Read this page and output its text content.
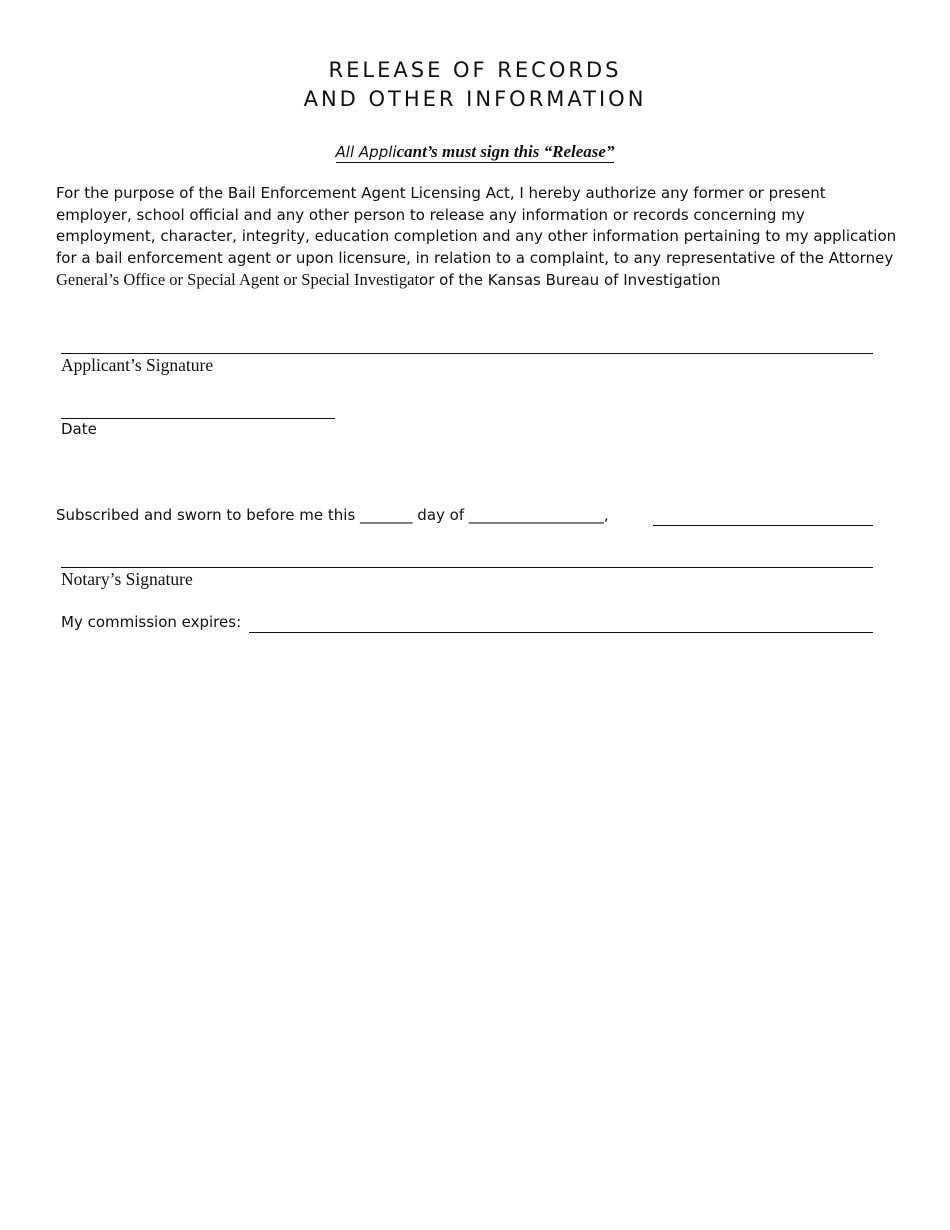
RELEASE OF RECORDS
AND OTHER INFORMATION
All Applicant’s must sign this “Release”

For the purpose of the Bail Enforcement Agent Licensing Act, I hereby authorize any former or present
employer, school official and any other person to release any information or records concerning my
employment, character, integrity, education completion and any other information pertaining to my application
for a bail enforcement agent or upon licensure, in relation to a complaint, to any representative of the Attorney
General’s Office or Special Agent or Special Investigator of the Kansas Bureau of Investigation

Applicant’s Signature
Date
Subscribed and sworn to before me this _______ day of __________________,
Notary’s Signature
My commission expires:
